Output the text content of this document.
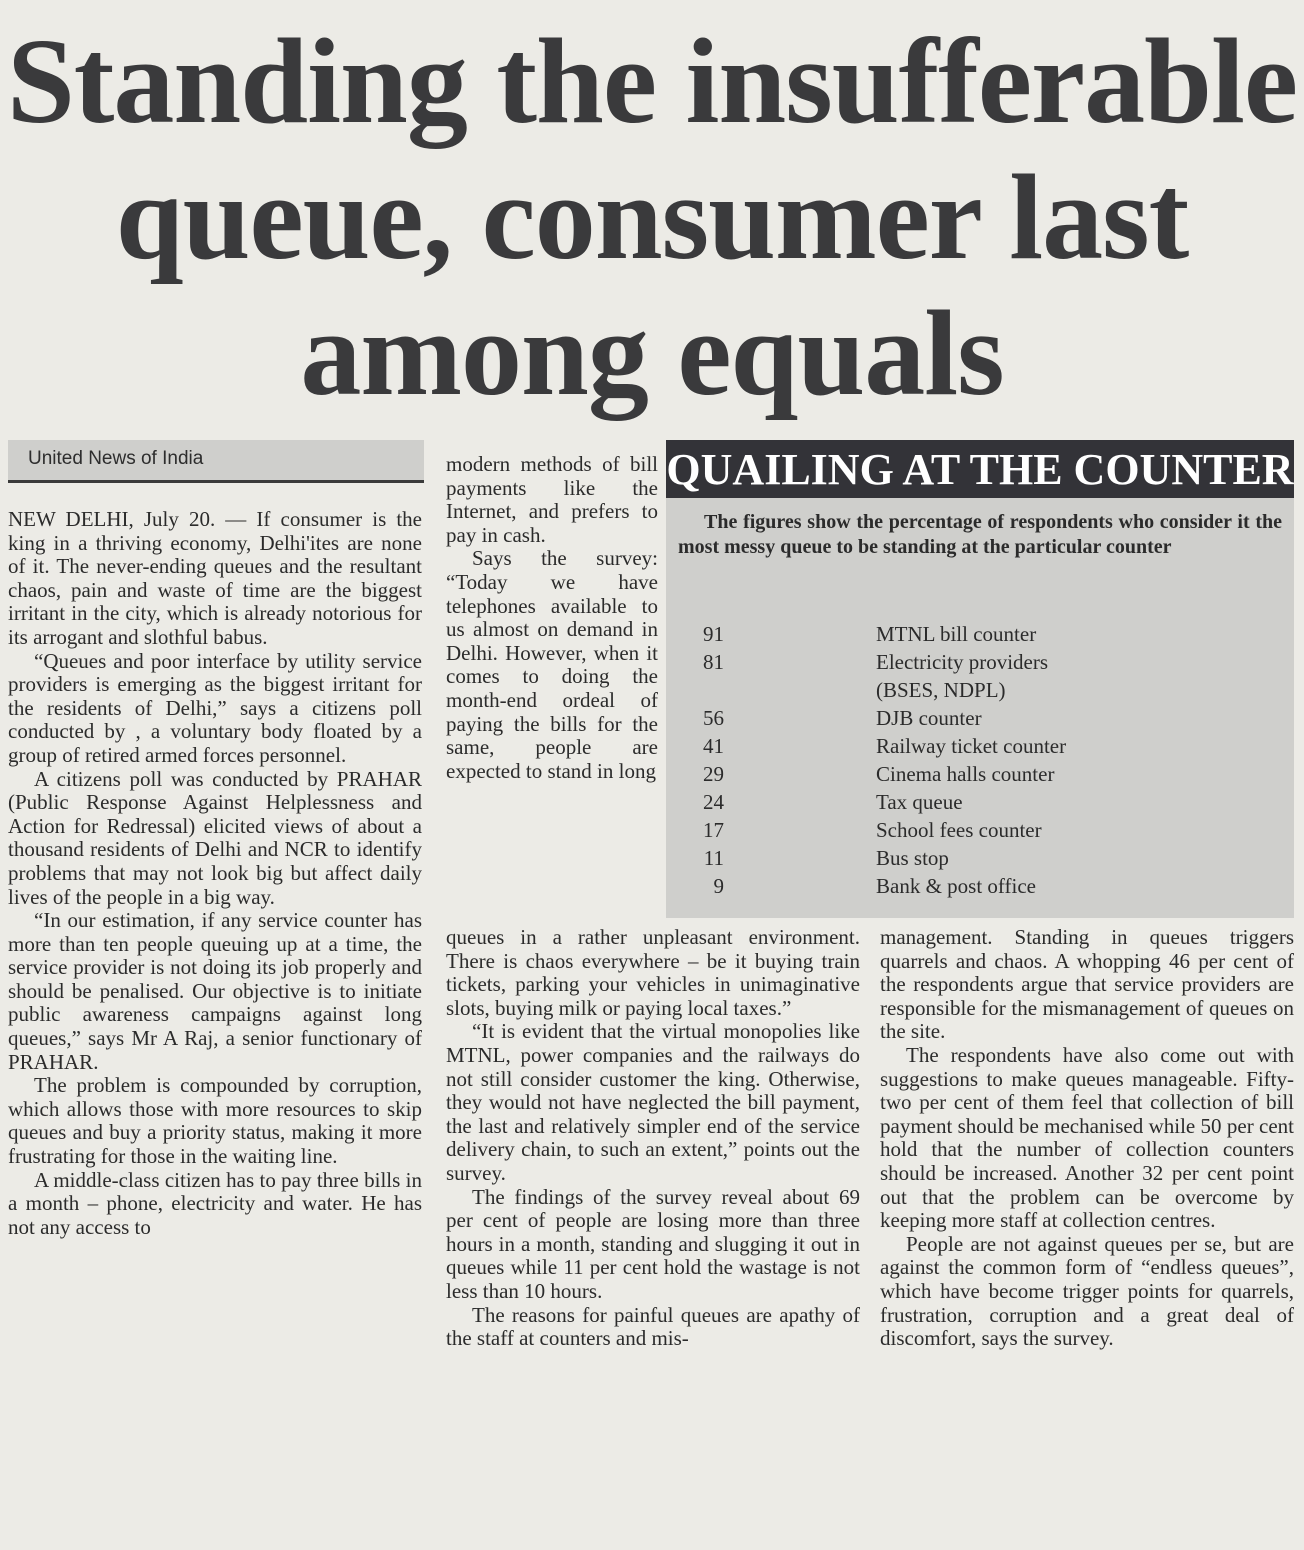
Standing the insufferable
queue, consumer last
among equals
United News of India

NEW DELHI, July 20. — If consumer is the king in a thriving economy, Delhi'ites are none of it. The never-ending queues and the resultant chaos, pain and waste of time are the biggest irritant in the city, which is already notorious for its arrogant and slothful babus.

“Queues and poor interface by utility service providers is emerging as the biggest irritant for the residents of Delhi,” says a citizens poll conducted by , a voluntary body floated by a group of retired armed forces personnel.

A citizens poll was conducted by PRAHAR (Public Response Against Helplessness and Action for Redressal) elicited views of about a thousand residents of Delhi and NCR to identify problems that may not look big but affect daily lives of the people in a big way.

“In our estimation, if any service counter has more than ten people queuing up at a time, the service provider is not doing its job properly and should be penalised. Our objective is to initiate public awareness campaigns against long queues,” says Mr A Raj, a senior functionary of PRAHAR.

The problem is compounded by corruption, which allows those with more resources to skip queues and buy a priority status, making it more frustrating for those in the waiting line.

A middle-class citizen has to pay three bills in a month – phone, electricity and water. He has not any access to

modern methods of bill payments like the Internet, and prefers to pay in cash.

Says the survey: “Today we have telephones available to us almost on demand in Delhi. However, when it comes to doing the month-end ordeal of paying the bills for the same, people are expected to stand in long

QUAILING AT THE COUNTER
The figures show the percentage of respondents who consider it the most messy queue to be standing at the particular counter
91	MTNL bill counter
81	Electricity providers (BSES, NDPL)
56	DJB counter
41	Railway ticket counter
29	Cinema halls counter
24	Tax queue
17	School fees counter
11	Bus stop
9	Bank & post office

queues in a rather unpleasant environment. There is chaos everywhere – be it buying train tickets, parking your vehicles in unimaginative slots, buying milk or paying local taxes.”

“It is evident that the virtual monopolies like MTNL, power companies and the railways do not still consider customer the king. Otherwise, they would not have neglected the bill payment, the last and relatively simpler end of the service delivery chain, to such an extent,” points out the survey.

The findings of the survey reveal about 69 per cent of people are losing more than three hours in a month, standing and slugging it out in queues while 11 per cent hold the wastage is not less than 10 hours.

The reasons for painful queues are apathy of the staff at counters and mis-

management. Standing in queues triggers quarrels and chaos. A whopping 46 per cent of the respondents argue that service providers are responsible for the mismanagement of queues on the site.

The respondents have also come out with suggestions to make queues manageable. Fifty-two per cent of them feel that collection of bill payment should be mechanised while 50 per cent hold that the number of collection counters should be increased. Another 32 per cent point out that the problem can be overcome by keeping more staff at collection centres.

People are not against queues per se, but are against the common form of “endless queues”, which have become trigger points for quarrels, frustration, corruption and a great deal of discomfort, says the survey.
